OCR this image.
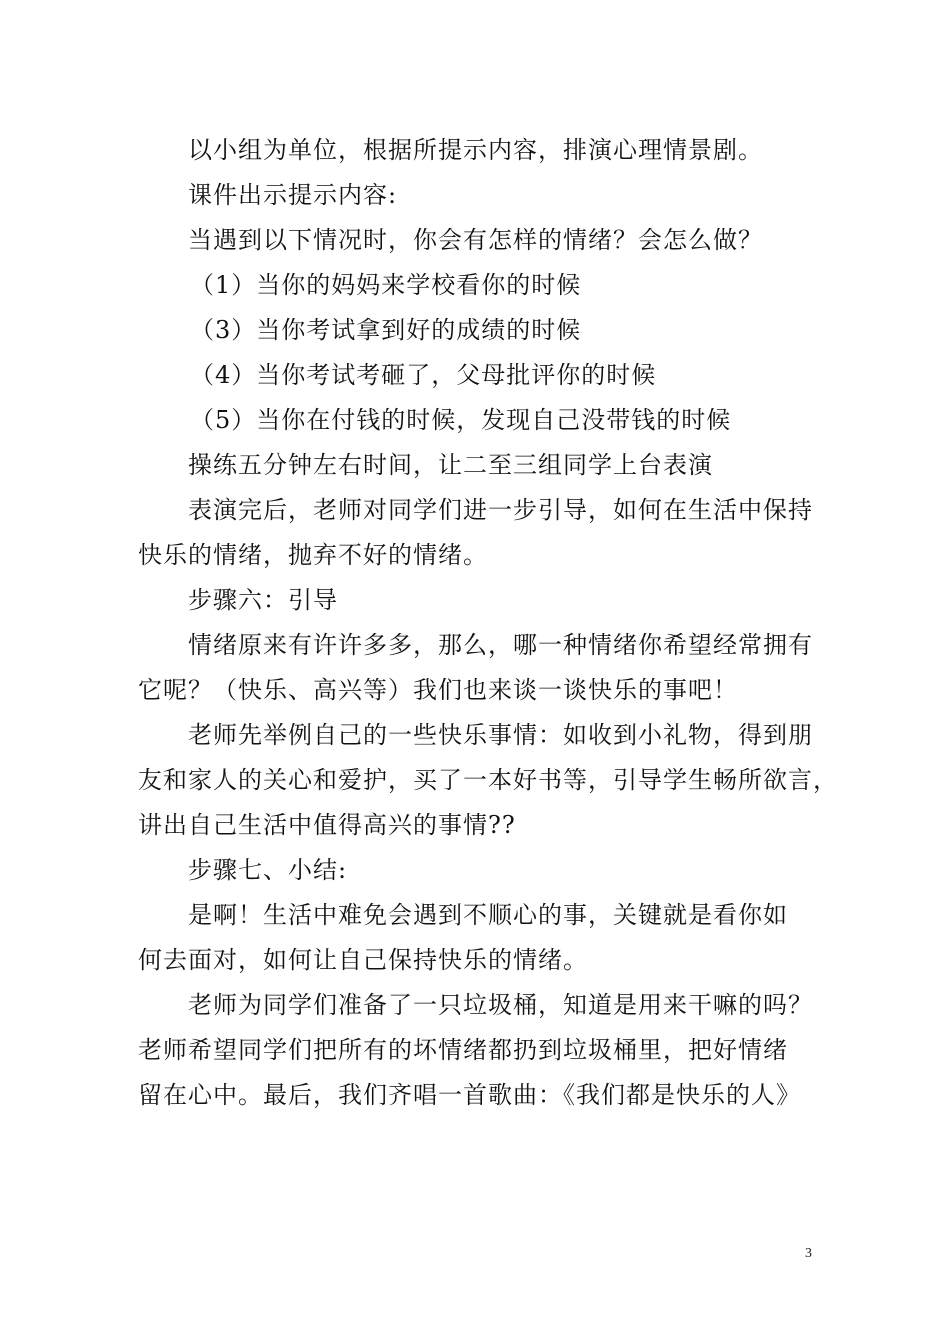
以小组为单位，根据所提示内容，排演心理情景剧。
课件出示提示内容:
当遇到以下情况时，你会有怎样的情绪？会怎么做？
（1）当你的妈妈来学校看你的时候
（3）当你考试拿到好的成绩的时候
（4）当你考试考砸了，父母批评你的时候
（5）当你在付钱的时候，发现自己没带钱的时候
操练五分钟左右时间，让二至三组同学上台表演
表演完后，老师对同学们进一步引导，如何在生活中保持
快乐的情绪，抛弃不好的情绪。
步骤六：引导
情绪原来有许许多多，那么，哪一种情绪你希望经常拥有
它呢？（快乐、高兴等）我们也来谈一谈快乐的事吧！
老师先举例自己的一些快乐事情：如收到小礼物，得到朋
友和家人的关心和爱护，买了一本好书等，引导学生畅所欲言，
讲出自己生活中值得高兴的事情??
步骤七、小结:
是啊！生活中难免会遇到不顺心的事，关键就是看你如
何去面对，如何让自己保持快乐的情绪。
老师为同学们准备了一只垃圾桶，知道是用来干嘛的吗？
老师希望同学们把所有的坏情绪都扔到垃圾桶里，把好情绪
留在心中。最后，我们齐唱一首歌曲：《我们都是快乐的人》
3
